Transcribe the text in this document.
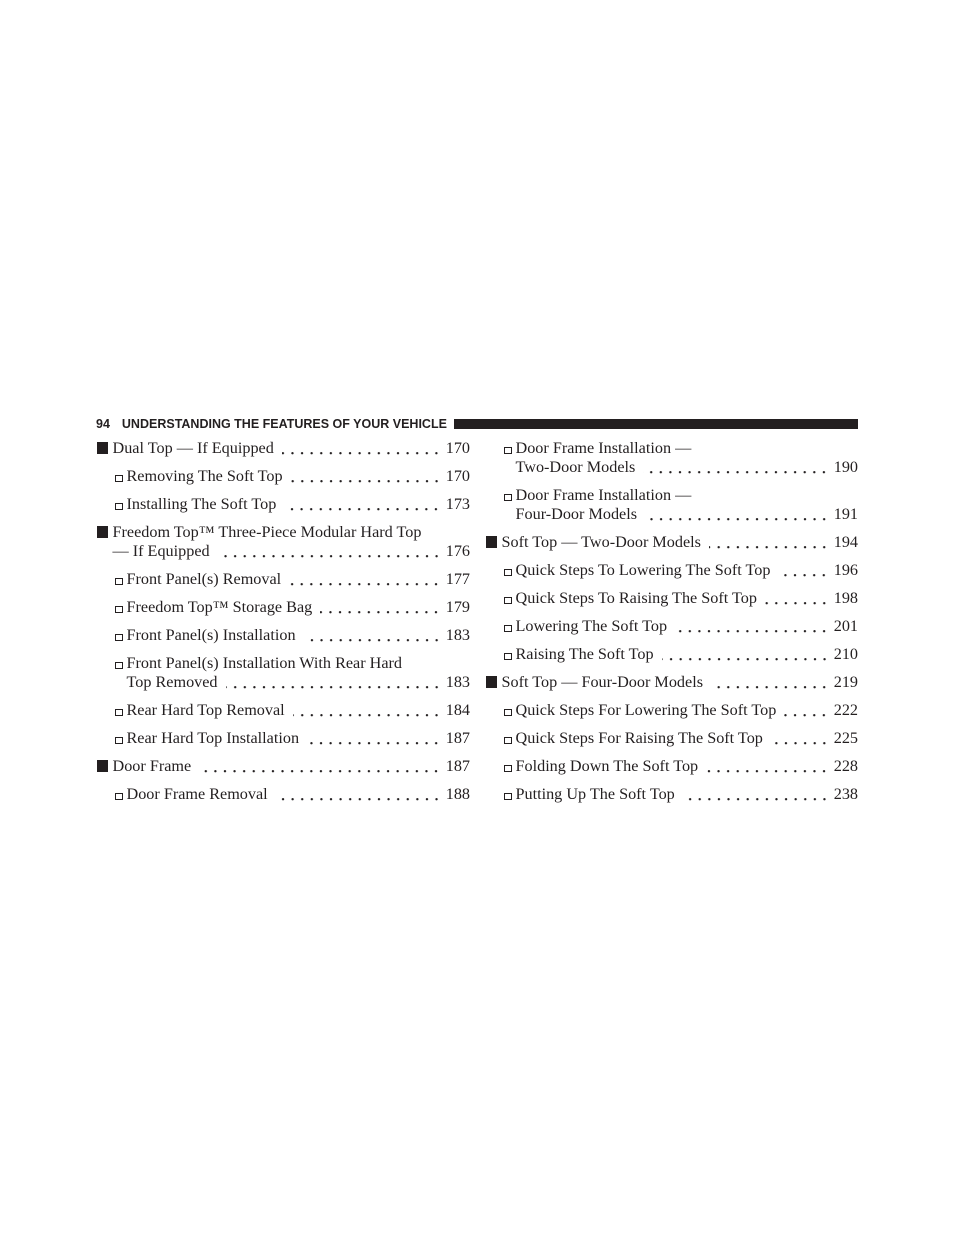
94 UNDERSTANDING THE FEATURES OF YOUR VEHICLE
Dual Top — If Equipped	170
Removing The Soft Top	170
Installing The Soft Top	173
Freedom Top™ Three-Piece Modular Hard Top
— If Equipped	176
Front Panel(s) Removal	177
Freedom Top™ Storage Bag	179
Front Panel(s) Installation	183
Front Panel(s) Installation With Rear Hard
Top Removed	183
Rear Hard Top Removal	184
Rear Hard Top Installation	187
Door Frame	187
Door Frame Removal	188
Door Frame Installation —
Two-Door Models	190
Door Frame Installation —
Four-Door Models	191
Soft Top — Two-Door Models	194
Quick Steps To Lowering The Soft Top	196
Quick Steps To Raising The Soft Top	198
Lowering The Soft Top	201
Raising The Soft Top	210
Soft Top — Four-Door Models	219
Quick Steps For Lowering The Soft Top	222
Quick Steps For Raising The Soft Top	225
Folding Down The Soft Top	228
Putting Up The Soft Top	238
